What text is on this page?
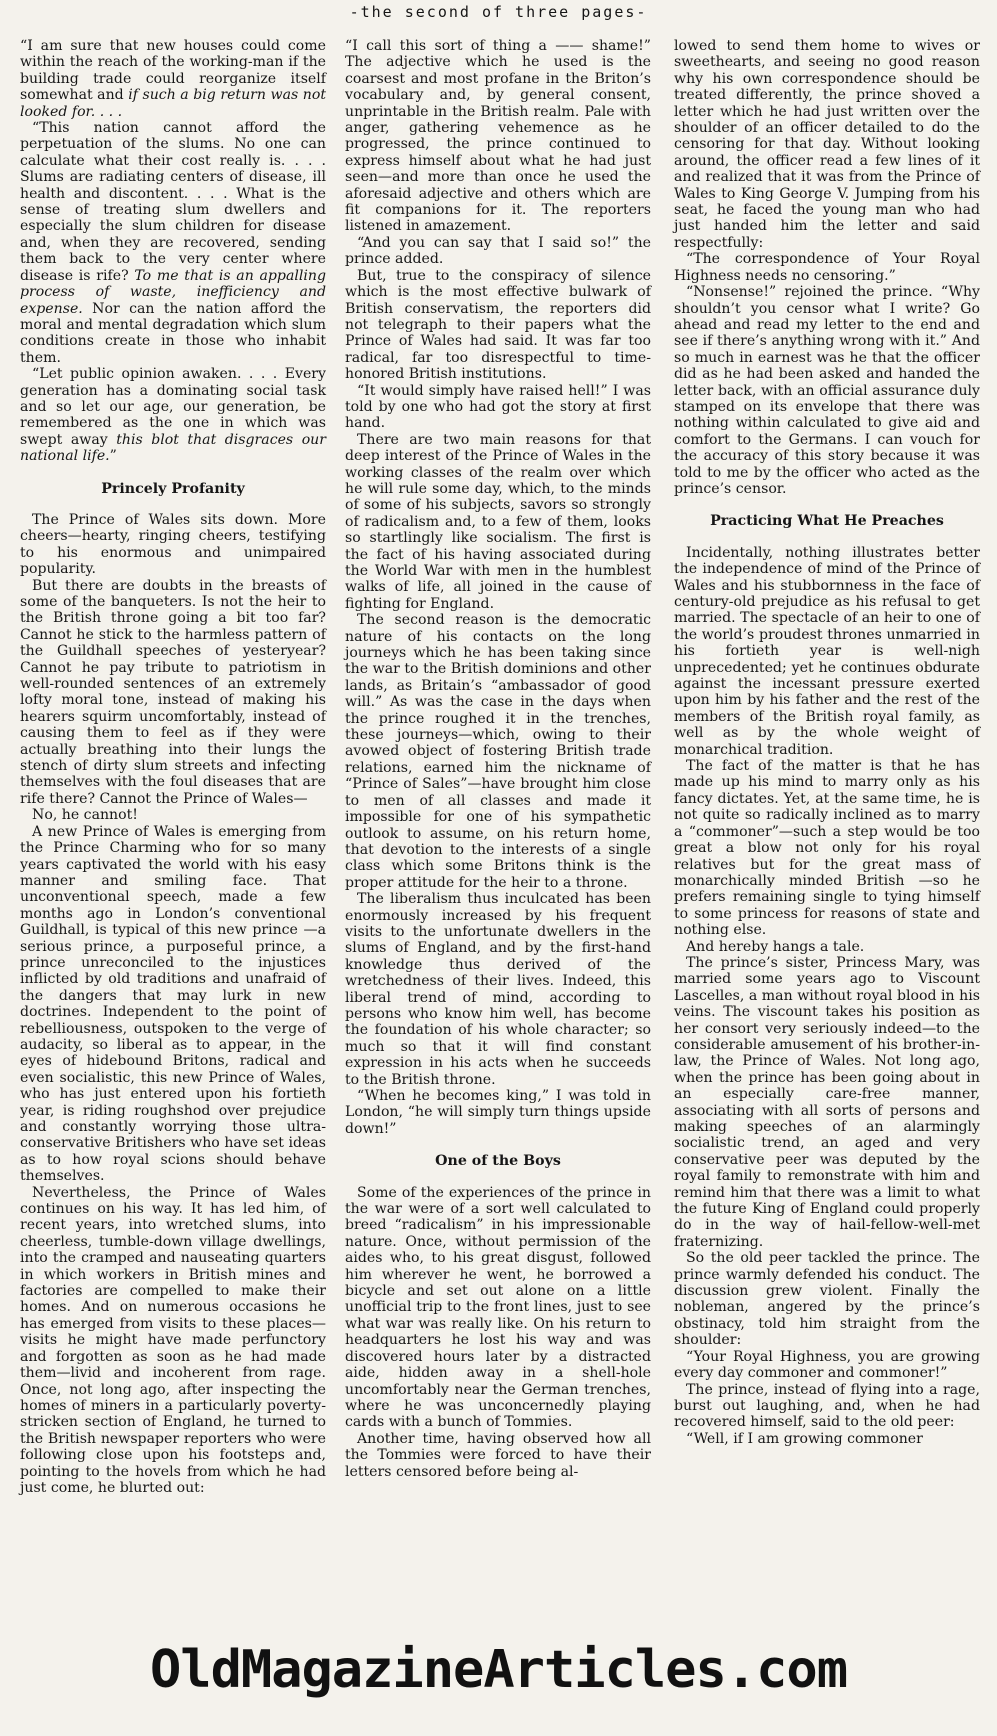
-the second of three pages-

“I am sure that new houses could come within the reach of the working-man if the building trade could reorganize itself somewhat and if such a big return was not looked for. . . .

“This nation cannot afford the perpetuation of the slums. No one can calculate what their cost really is. . . . Slums are radiating centers of disease, ill health and discontent. . . . What is the sense of treating slum dwellers and especially the slum children for disease and, when they are recovered, sending them back to the very center where disease is rife? To me that is an appalling process of waste, inefficiency and expense. Nor can the nation afford the moral and mental degradation which slum conditions create in those who inhabit them.

“Let public opinion awaken. . . . Every generation has a dominating social task and so let our age, our generation, be remembered as the one in which was swept away this blot that disgraces our national life.”

Princely Profanity

The Prince of Wales sits down. More cheers—hearty, ringing cheers, testifying to his enormous and unimpaired popularity.

But there are doubts in the breasts of some of the banqueters. Is not the heir to the British throne going a bit too far? Cannot he stick to the harmless pattern of the Guildhall speeches of yesteryear? Cannot he pay tribute to patriotism in well-rounded sentences of an extremely lofty moral tone, instead of making his hearers squirm uncomfortably, instead of causing them to feel as if they were actually breathing into their lungs the stench of dirty slum streets and infecting themselves with the foul diseases that are rife there? Cannot the Prince of Wales—

No, he cannot!

A new Prince of Wales is emerging from the Prince Charming who for so many years captivated the world with his easy manner and smiling face. That unconventional speech, made a few months ago in London’s conventional Guildhall, is typical of this new prince —a serious prince, a purposeful prince, a prince unreconciled to the injustices inflicted by old traditions and unafraid of the dangers that may lurk in new doctrines. Independent to the point of rebelliousness, outspoken to the verge of audacity, so liberal as to appear, in the eyes of hidebound Britons, radical and even socialistic, this new Prince of Wales, who has just entered upon his fortieth year, is riding roughshod over prejudice and constantly worrying those ultra-conservative Britishers who have set ideas as to how royal scions should behave themselves.

Nevertheless, the Prince of Wales continues on his way. It has led him, of recent years, into wretched slums, into cheerless, tumble-down village dwellings, into the cramped and nauseating quarters in which workers in British mines and factories are compelled to make their homes. And on numerous occasions he has emerged from visits to these places—visits he might have made perfunctory and forgotten as soon as he had made them—livid and incoherent from rage. Once, not long ago, after inspecting the homes of miners in a particularly poverty-stricken section of England, he turned to the British newspaper reporters who were following close upon his footsteps and, pointing to the hovels from which he had just come, he blurted out:

“I call this sort of thing a —— shame!” The adjective which he used is the coarsest and most profane in the Briton’s vocabulary and, by general consent, unprintable in the British realm. Pale with anger, gathering vehemence as he progressed, the prince continued to express himself about what he had just seen—and more than once he used the aforesaid adjective and others which are fit companions for it. The reporters listened in amazement.

“And you can say that I said so!” the prince added.

But, true to the conspiracy of silence which is the most effective bulwark of British conservatism, the reporters did not telegraph to their papers what the Prince of Wales had said. It was far too radical, far too disrespectful to time-honored British institutions.

“It would simply have raised hell!” I was told by one who had got the story at first hand.

There are two main reasons for that deep interest of the Prince of Wales in the working classes of the realm over which he will rule some day, which, to the minds of some of his subjects, savors so strongly of radicalism and, to a few of them, looks so startlingly like socialism. The first is the fact of his having associated during the World War with men in the humblest walks of life, all joined in the cause of fighting for England.

The second reason is the democratic nature of his contacts on the long journeys which he has been taking since the war to the British dominions and other lands, as Britain’s “ambassador of good will.” As was the case in the days when the prince roughed it in the trenches, these journeys—which, owing to their avowed object of fostering British trade relations, earned him the nickname of “Prince of Sales”—have brought him close to men of all classes and made it impossible for one of his sympathetic outlook to assume, on his return home, that devotion to the interests of a single class which some Britons think is the proper attitude for the heir to a throne.

The liberalism thus inculcated has been enormously increased by his frequent visits to the unfortunate dwellers in the slums of England, and by the first-hand knowledge thus derived of the wretchedness of their lives. Indeed, this liberal trend of mind, according to persons who know him well, has become the foundation of his whole character; so much so that it will find constant expression in his acts when he succeeds to the British throne.

“When he becomes king,” I was told in London, “he will simply turn things upside down!”

One of the Boys

Some of the experiences of the prince in the war were of a sort well calculated to breed “radicalism” in his impressionable nature. Once, without permission of the aides who, to his great disgust, followed him wherever he went, he borrowed a bicycle and set out alone on a little unofficial trip to the front lines, just to see what war was really like. On his return to headquarters he lost his way and was discovered hours later by a distracted aide, hidden away in a shell-hole uncomfortably near the German trenches, where he was unconcernedly playing cards with a bunch of Tommies.

Another time, having observed how all the Tommies were forced to have their letters censored before being al-

lowed to send them home to wives or sweethearts, and seeing no good reason why his own correspondence should be treated differently, the prince shoved a letter which he had just written over the shoulder of an officer detailed to do the censoring for that day. Without looking around, the officer read a few lines of it and realized that it was from the Prince of Wales to King George V. Jumping from his seat, he faced the young man who had just handed him the letter and said respectfully:

“The correspondence of Your Royal Highness needs no censoring.”

“Nonsense!” rejoined the prince. “Why shouldn’t you censor what I write? Go ahead and read my letter to the end and see if there’s anything wrong with it.” And so much in earnest was he that the officer did as he had been asked and handed the letter back, with an official assurance duly stamped on its envelope that there was nothing within calculated to give aid and comfort to the Germans. I can vouch for the accuracy of this story because it was told to me by the officer who acted as the prince’s censor.

Practicing What He Preaches

Incidentally, nothing illustrates better the independence of mind of the Prince of Wales and his stubbornness in the face of century-old prejudice as his refusal to get married. The spectacle of an heir to one of the world’s proudest thrones unmarried in his fortieth year is well-nigh unprecedented; yet he continues obdurate against the incessant pressure exerted upon him by his father and the rest of the members of the British royal family, as well as by the whole weight of monarchical tradition.

The fact of the matter is that he has made up his mind to marry only as his fancy dictates. Yet, at the same time, he is not quite so radically inclined as to marry a “commoner”—such a step would be too great a blow not only for his royal relatives but for the great mass of monarchically minded British —so he prefers remaining single to tying himself to some princess for reasons of state and nothing else.

And hereby hangs a tale.

The prince’s sister, Princess Mary, was married some years ago to Viscount Lascelles, a man without royal blood in his veins. The viscount takes his position as her consort very seriously indeed—to the considerable amusement of his brother-in-law, the Prince of Wales. Not long ago, when the prince has been going about in an especially care-free manner, associating with all sorts of persons and making speeches of an alarmingly socialistic trend, an aged and very conservative peer was deputed by the royal family to remonstrate with him and remind him that there was a limit to what the future King of England could properly do in the way of hail-fellow-well-met fraternizing.

So the old peer tackled the prince. The prince warmly defended his conduct. The discussion grew violent. Finally the nobleman, angered by the prince’s obstinacy, told him straight from the shoulder:

“Your Royal Highness, you are growing every day commoner and commoner!”

The prince, instead of flying into a rage, burst out laughing, and, when he had recovered himself, said to the old peer:

“Well, if I am growing commoner

OldMagazineArticles.com
